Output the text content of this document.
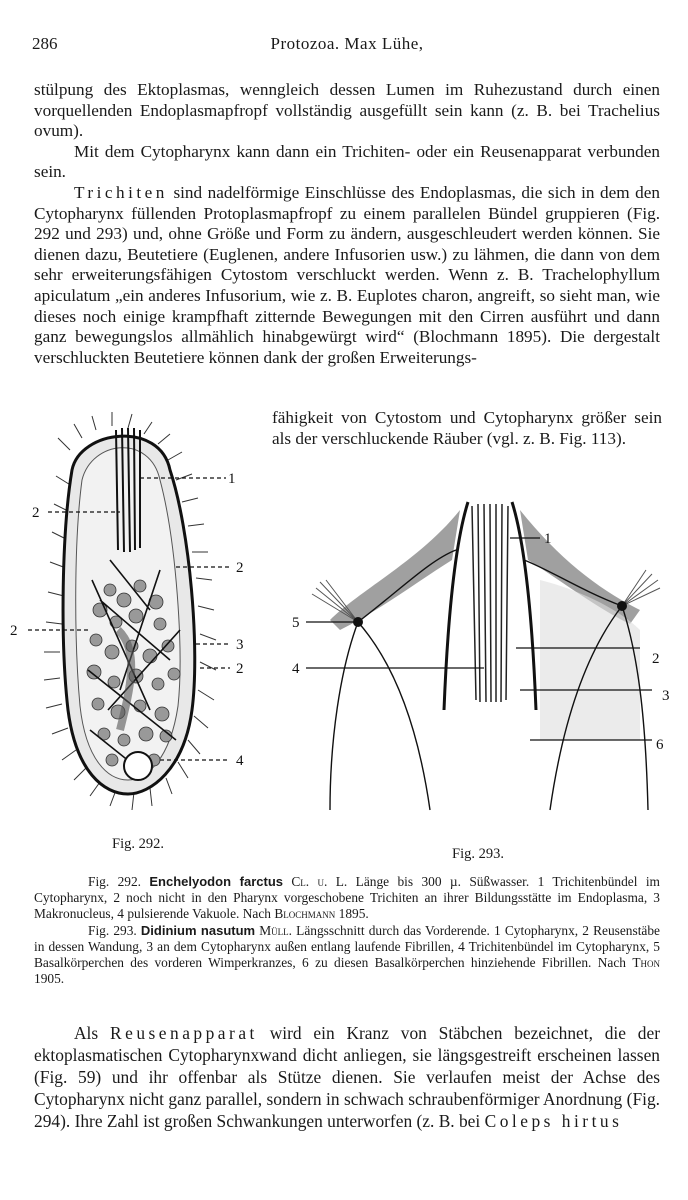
286	Protozoa. Max Lühe,

stülpung des Ektoplasmas, wenngleich dessen Lumen im Ruhezustand durch einen vorquellenden Endoplasmapfropf vollständig ausgefüllt sein kann (z. B. bei Trachelius ovum).

Mit dem Cytopharynx kann dann ein Trichiten- oder ein Reusenapparat verbunden sein.

Trichiten sind nadelförmige Einschlüsse des Endoplasmas, die sich in dem den Cytopharynx füllenden Protoplasmapfropf zu einem parallelen Bündel gruppieren (Fig. 292 und 293) und, ohne Größe und Form zu ändern, ausgeschleudert werden können. Sie dienen dazu, Beutetiere (Euglenen, andere Infusorien usw.) zu lähmen, die dann von dem sehr erweiterungsfähigen Cytostom verschluckt werden. Wenn z. B. Trachelophyllum apiculatum „ein anderes Infusorium, wie z. B. Euplotes charon, angreift, so sieht man, wie dieses noch einige krampfhaft zitternde Bewegungen mit den Cirren ausführt und dann ganz bewegungslos allmählich hinabgewürgt wird“ (Blochmann 1895). Die dergestalt verschluckten Beutetiere können dank der großen Erweiterungs-

fähigkeit von Cytostom und Cytopharynx größer sein als der verschluckende Räuber (vgl. z. B. Fig. 113).

1
2
2
2
3
2
4
1
5
2
4
3
6
Fig. 292.
Fig. 293.

Fig. 292. Enchelyodon farctus Cl. u. L. Länge bis 300 µ. Süßwasser. 1 Trichitenbündel im Cytopharynx, 2 noch nicht in den Pharynx vorgeschobene Trichiten an ihrer Bildungsstätte im Endoplasma, 3 Makronucleus, 4 pulsierende Vakuole. Nach Blochmann 1895.

Fig. 293. Didinium nasutum Müll. Längsschnitt durch das Vorderende. 1 Cytopharynx, 2 Reusenstäbe in dessen Wandung, 3 an dem Cytopharynx außen entlang laufende Fibrillen, 4 Trichitenbündel im Cytopharynx, 5 Basalkörperchen des vorderen Wimperkranzes, 6 zu diesen Basalkörperchen hinziehende Fibrillen. Nach Thon 1905.

Als Reusenapparat wird ein Kranz von Stäbchen bezeichnet, die der ektoplasmatischen Cytopharynxwand dicht anliegen, sie längsgestreift erscheinen lassen (Fig. 59) und ihr offenbar als Stütze dienen. Sie verlaufen meist der Achse des Cytopharynx nicht ganz parallel, sondern in schwach schraubenförmiger Anordnung (Fig. 294). Ihre Zahl ist großen Schwankungen unterworfen (z. B. bei Coleps hirtus
